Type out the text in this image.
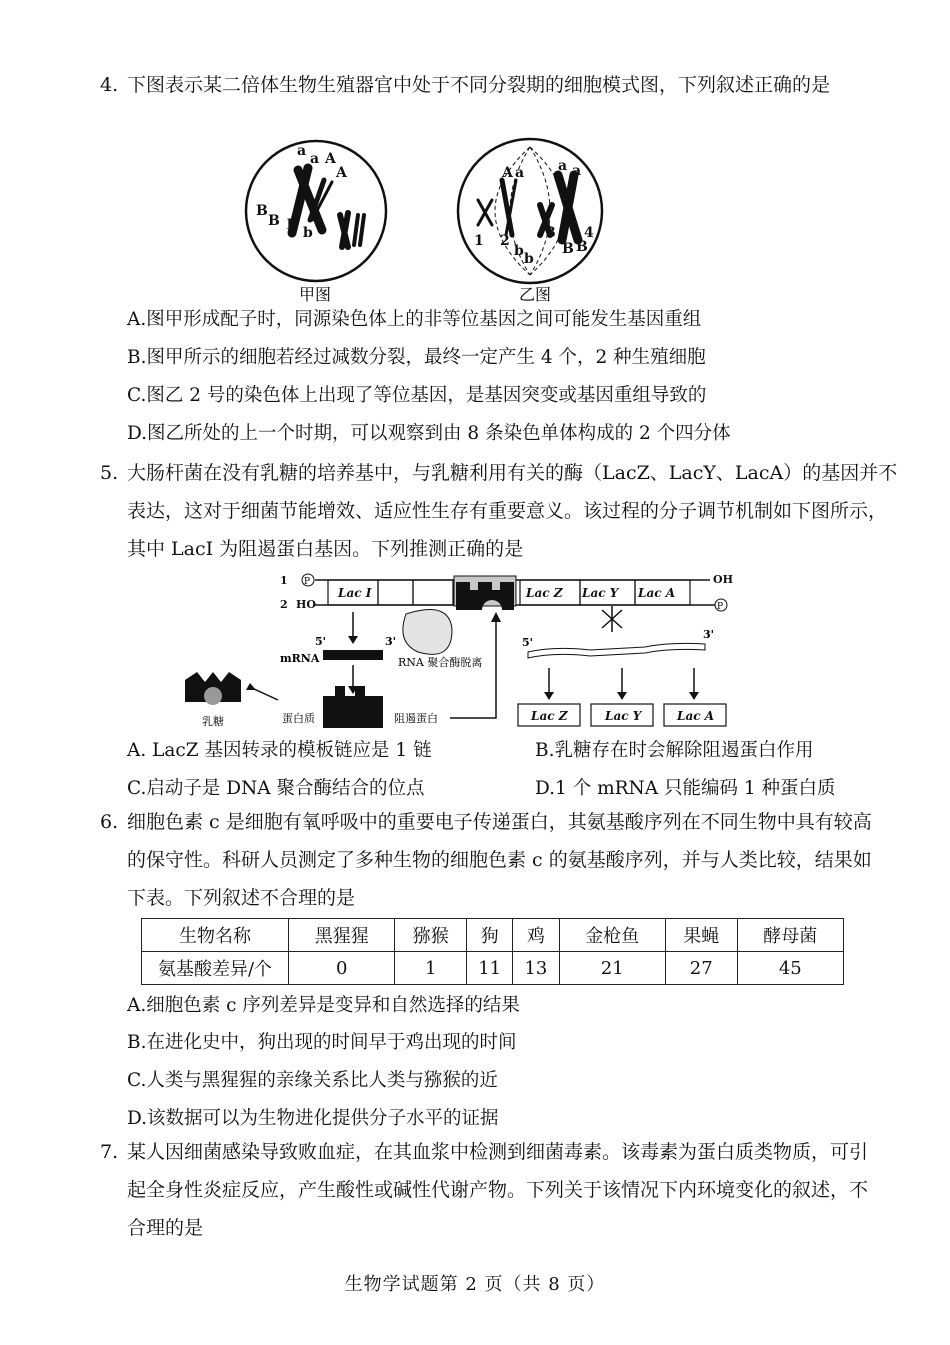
4. 下图表示某二倍体生物生殖器官中处于不同分裂期的细胞模式图，下列叙述正确的是
a a A
A
B
B b b
A a a a
1 2	3 4
b b
B B
甲图	乙图
A.图甲形成配子时，同源染色体上的非等位基因之间可能发生基因重组
B.图甲所示的细胞若经过减数分裂，最终一定产生 4 个，2 种生殖细胞
C.图乙 2 号的染色体上出现了等位基因，是基因突变或基因重组导致的
D.图乙所处的上一个时期，可以观察到由 8 条染色单体构成的 2 个四分体
5. 大肠杆菌在没有乳糖的培养基中，与乳糖利用有关的酶（LacZ、LacY、LacA）的基因并不
表达，这对于细菌节能增效、适应性生存有重要意义。该过程的分子调节机制如下图所示，
其中 LacI 为阻遏蛋白基因。下列推测正确的是
1
2 HO
OH
P
P
Lac I	Lac Z Lac Y Lac A
5'	3'
mRNA	RNA 聚合酶脱离
蛋白质	阻遏蛋白
乳糖
5'
3'
Lac Z	Lac Y	Lac A
A. LacZ 基因转录的模板链应是 1 链	B.乳糖存在时会解除阻遏蛋白作用
C.启动子是 DNA 聚合酶结合的位点	D.1 个 mRNA 只能编码 1 种蛋白质
6. 细胞色素 c 是细胞有氧呼吸中的重要电子传递蛋白，其氨基酸序列在不同生物中具有较高
的保守性。科研人员测定了多种生物的细胞色素 c 的氨基酸序列，并与人类比较，结果如
下表。下列叙述不合理的是
生物名称	黑猩猩	猕猴	狗	鸡	金枪鱼	果蝇	酵母菌
氨基酸差异/个	0	1	11	13	21	27	45
A.细胞色素 c 序列差异是变异和自然选择的结果
B.在进化史中，狗出现的时间早于鸡出现的时间
C.人类与黑猩猩的亲缘关系比人类与猕猴的近
D.该数据可以为生物进化提供分子水平的证据
7. 某人因细菌感染导致败血症，在其血浆中检测到细菌毒素。该毒素为蛋白质类物质，可引
起全身性炎症反应，产生酸性或碱性代谢产物。下列关于该情况下内环境变化的叙述，不
合理的是
生物学试题第 2 页（共 8 页）
